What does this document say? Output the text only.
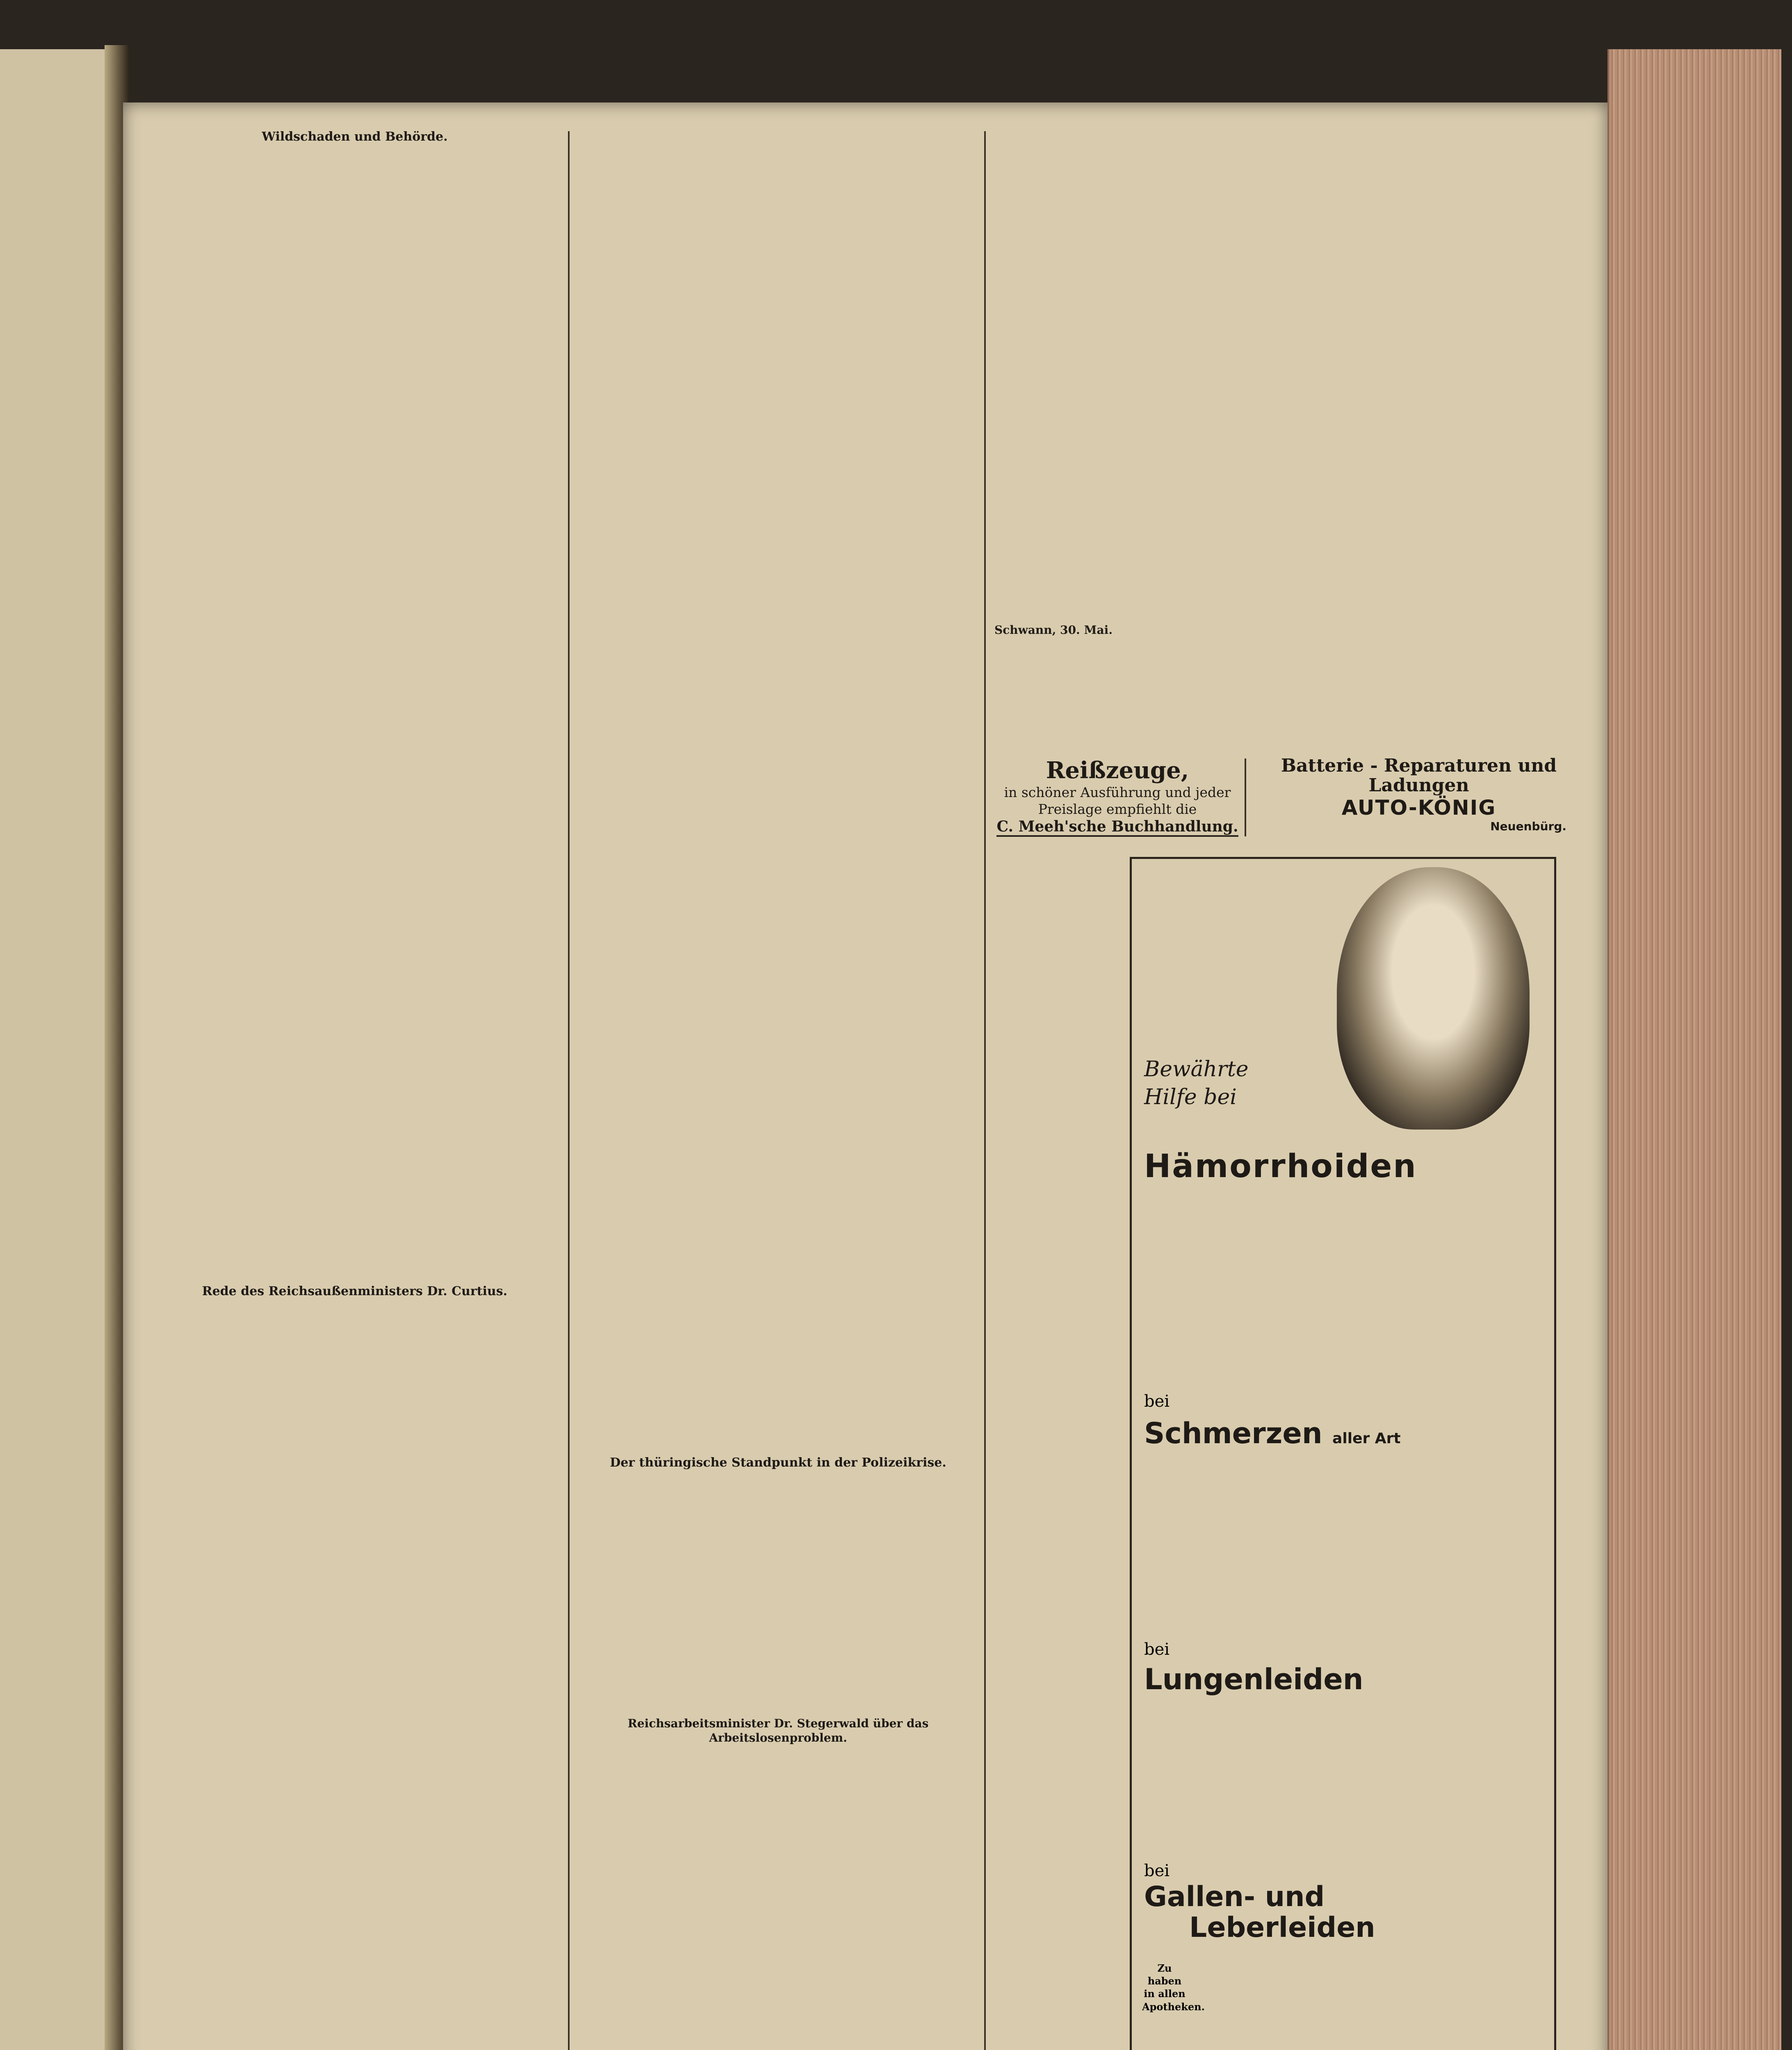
Wildschaden und Behörde.
Rede des Reichsaußenministers Dr. Curtius.
Der thüringische Standpunkt in der Polizeikrise.
Reichsarbeitsminister Dr. Stegerwald über das Arbeitslosenproblem.

Schwann, 30. Mai.

Reißzeuge,
in schöner Ausführung und jeder Preislage empfiehlt die
C. Meeh'sche Buchhandlung.
Batterie - Reparaturen und Ladungen
AUTO-KÖNIG
Neuenbürg.
Bewährte
Hilfe bei
Hämorrhoiden
bei
Schmerzen aller Art
bei
Lungenleiden
bei
Gallen- und
Leberleiden
Zu haben in allen Apotheken.
